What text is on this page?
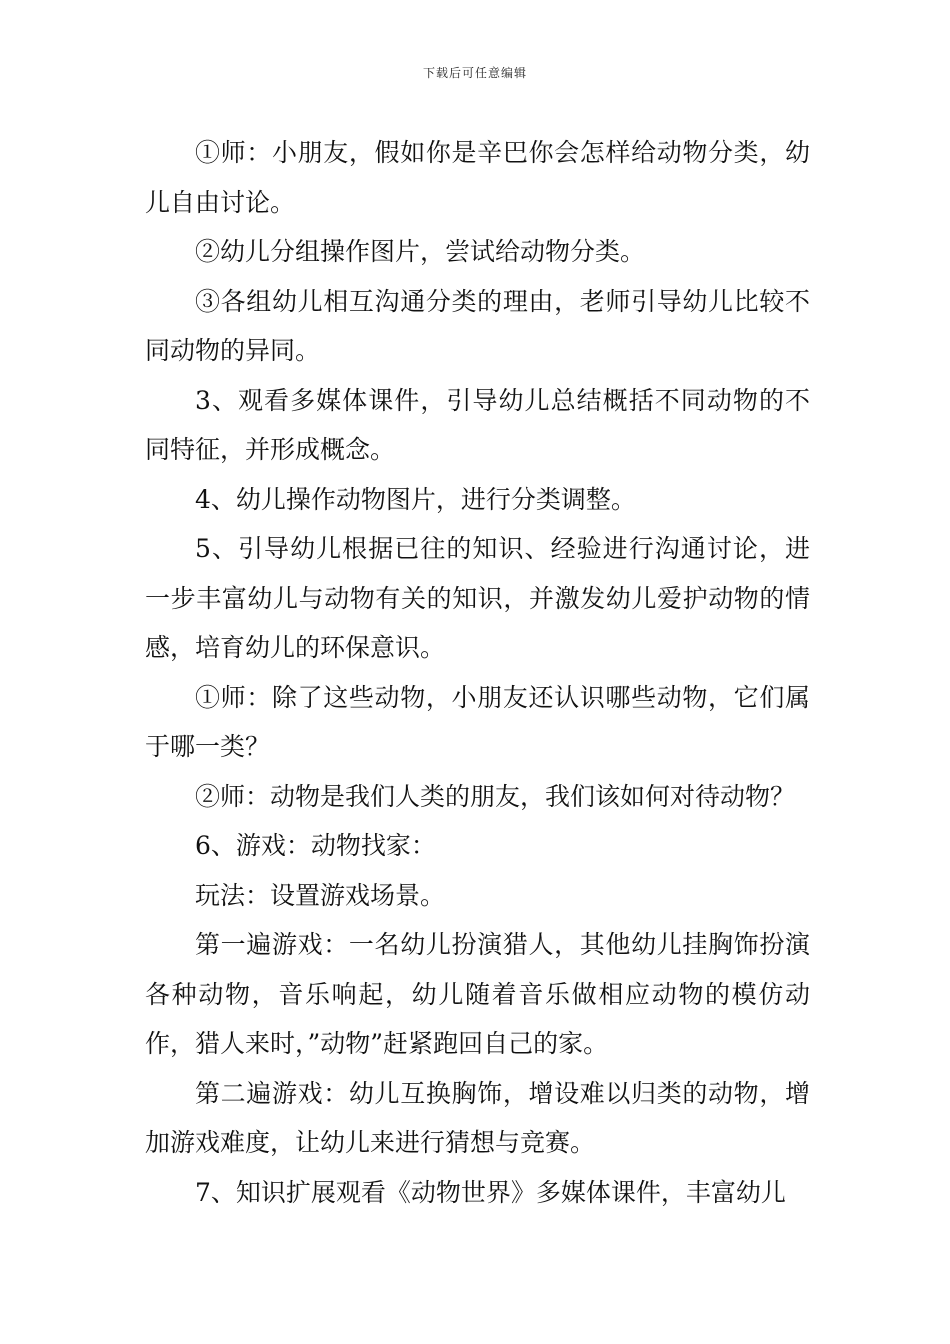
下载后可任意编辑

①师：小朋友，假如你是辛巴你会怎样给动物分类，幼儿自由讨论。

②幼儿分组操作图片，尝试给动物分类。

③各组幼儿相互沟通分类的理由，老师引导幼儿比较不同动物的异同。

3、观看多媒体课件，引导幼儿总结概括不同动物的不同特征，并形成概念。

4、幼儿操作动物图片，进行分类调整。

5、引导幼儿根据已往的知识、经验进行沟通讨论，进一步丰富幼儿与动物有关的知识，并激发幼儿爱护动物的情感，培育幼儿的环保意识。

①师：除了这些动物，小朋友还认识哪些动物，它们属于哪一类？

②师：动物是我们人类的朋友，我们该如何对待动物？

6、游戏：动物找家：

玩法：设置游戏场景。

第一遍游戏：一名幼儿扮演猎人，其他幼儿挂胸饰扮演各种动物，音乐响起，幼儿随着音乐做相应动物的模仿动作，猎人来时，”动物”赶紧跑回自己的家。

第二遍游戏：幼儿互换胸饰，增设难以归类的动物，增加游戏难度，让幼儿来进行猜想与竞赛。

7、知识扩展观看《动物世界》多媒体课件，丰富幼儿
